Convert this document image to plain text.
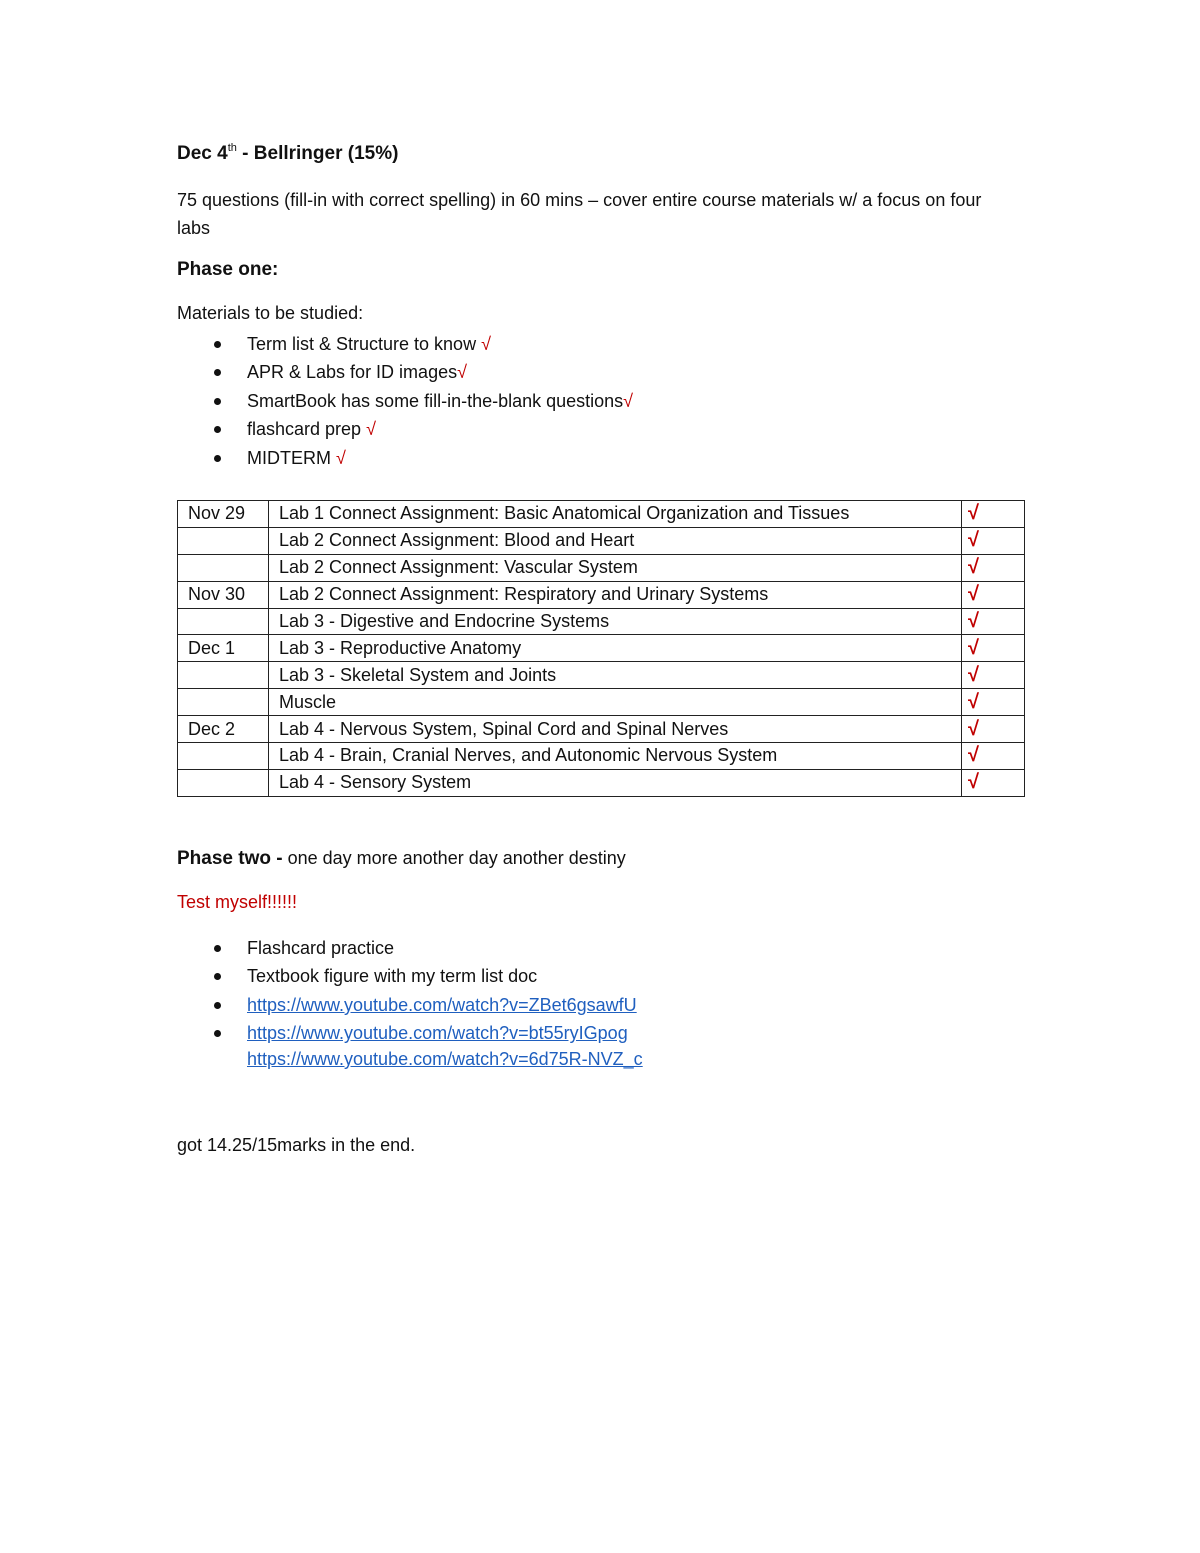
Dec 4th - Bellringer (15%)
75 questions (fill-in with correct spelling) in 60 mins – cover entire course materials w/ a focus on four labs
Phase one:
Materials to be studied:
Term list & Structure to know √
APR & Labs for ID images√
SmartBook has some fill-in-the-blank questions√
flashcard prep √
MIDTERM √
Nov 29	Lab 1 Connect Assignment: Basic Anatomical Organization and Tissues	√
	Lab 2 Connect Assignment: Blood and Heart	√
	Lab 2 Connect Assignment: Vascular System	√
Nov 30	Lab 2 Connect Assignment: Respiratory and Urinary Systems	√
	Lab 3 - Digestive and Endocrine Systems	√
Dec 1	Lab 3 - Reproductive Anatomy	√
	Lab 3 - Skeletal System and Joints	√
	Muscle	√
Dec 2	Lab 4 - Nervous System, Spinal Cord and Spinal Nerves	√
	Lab 4 - Brain, Cranial Nerves, and Autonomic Nervous System	√
	Lab 4 - Sensory System	√
Phase two - one day more another day another destiny
Test myself!!!!!!
Flashcard practice
Textbook figure with my term list doc
https://www.youtube.com/watch?v=ZBet6gsawfU
https://www.youtube.com/watch?v=bt55ryIGpog
https://www.youtube.com/watch?v=6d75R-NVZ_c
got 14.25/15marks in the end.
